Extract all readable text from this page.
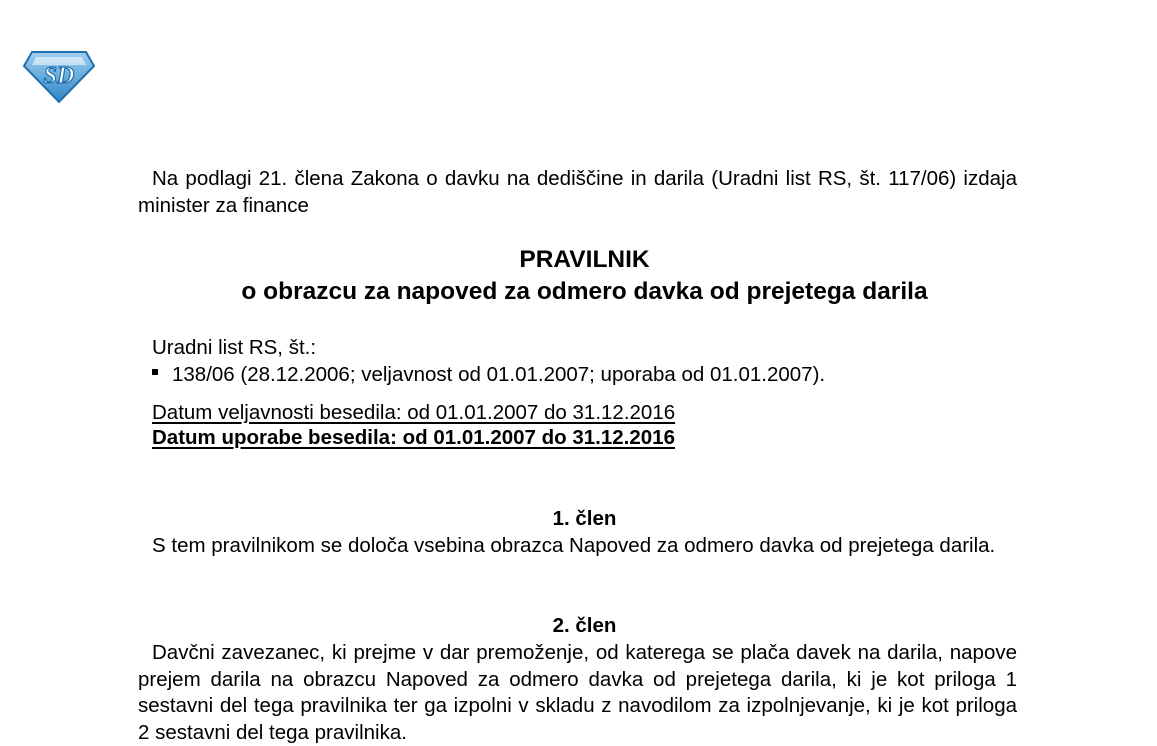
SD

Na podlagi 21. člena Zakona o davku na dediščine in darila (Uradni list RS, št. 117/06) izdaja minister za finance

PRAVILNIK
o obrazcu za napoved za odmero davka od prejetega darila
Uradni list RS, št.:
138/06 (28.12.2006; veljavnost od 01.01.2007; uporaba od 01.01.2007).
Datum veljavnosti besedila: od 01.01.2007 do 31.12.2016
Datum uporabe besedila: od 01.01.2007 do 31.12.2016
1. člen

S tem pravilnikom se določa vsebina obrazca Napoved za odmero davka od prejetega darila.

2. člen

Davčni zavezanec, ki prejme v dar premoženje, od katerega se plača davek na darila, napove prejem darila na obrazcu Napoved za odmero davka od prejetega darila, ki je kot priloga 1 sestavni del tega pravilnika ter ga izpolni v skladu z navodilom za izpolnjevanje, ki je kot priloga 2 sestavni del tega pravilnika.
